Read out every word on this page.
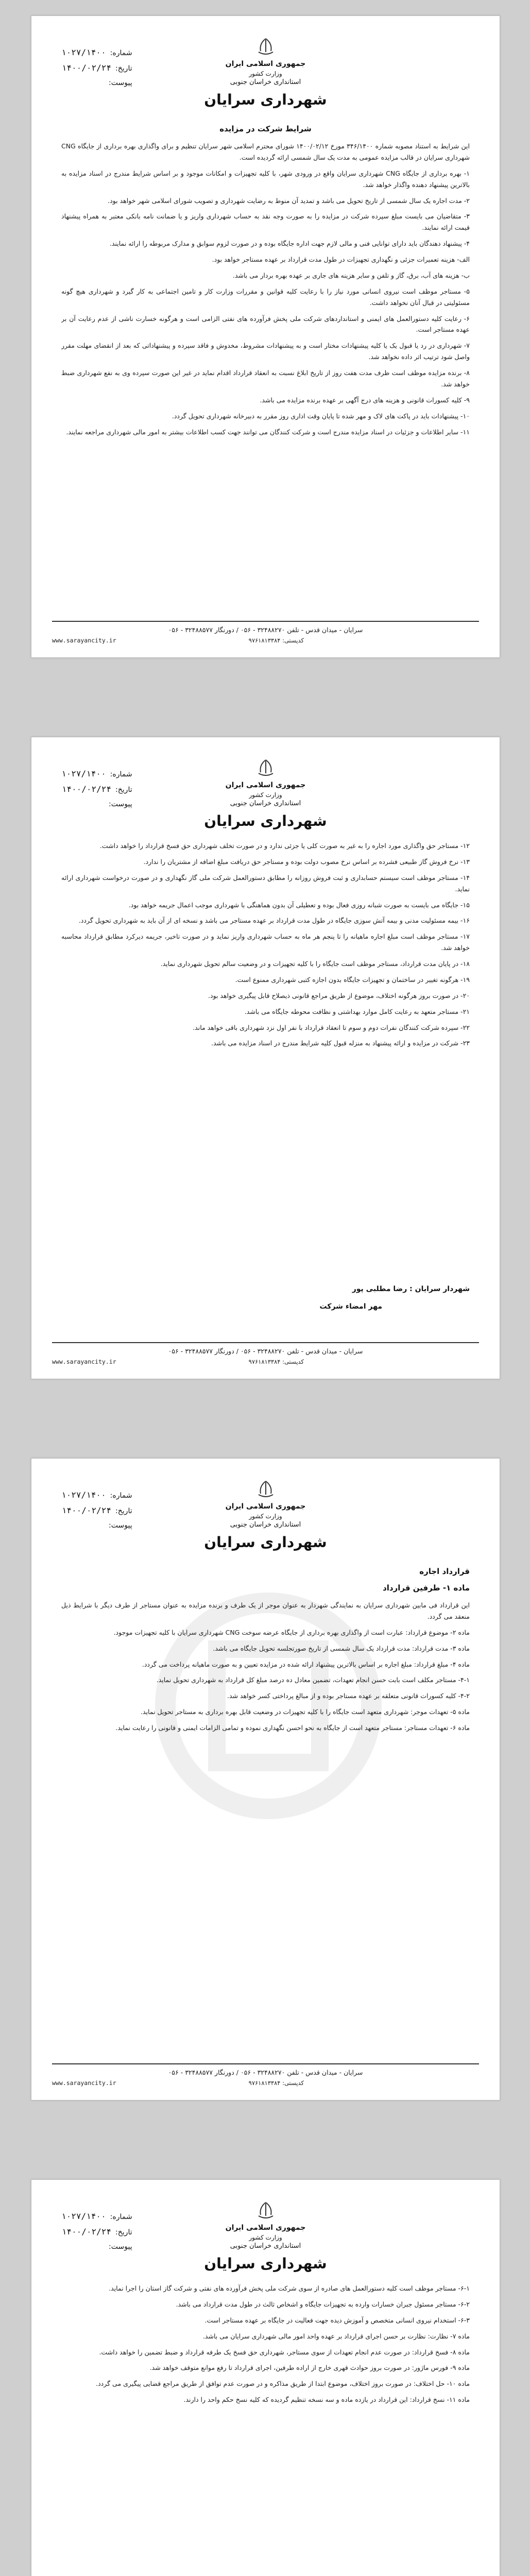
شماره:۱۰۲۷/۱۴۰۰
تاریخ:۱۴۰۰/۰۲/۲۴
پیوست:
جمهوری اسلامی ایران
وزارت کشور
استانداری خراسان جنوبی
شهرداری سرایان
شرایط شرکت در مزایده

این شرایط به استناد مصوبه شماره ۳۴۶/۱۴۰۰ مورخ ۱۴۰۰/۰۲/۱۲ شورای محترم اسلامی شهر سرایان تنظیم و برای واگذاری بهره برداری از جایگاه CNG شهرداری سرایان در قالب مزایده عمومی به مدت یک سال شمسی ارائه گردیده است.

۱- بهره برداری از جایگاه CNG شهرداری سرایان واقع در ورودی شهر، با کلیه تجهیزات و امکانات موجود و بر اساس شرایط مندرج در اسناد مزایده به بالاترین پیشنهاد دهنده واگذار خواهد شد.

۲- مدت اجاره یک سال شمسی از تاریخ تحویل می باشد و تمدید آن منوط به رضایت شهرداری و تصویب شورای اسلامی شهر خواهد بود.

۳- متقاضیان می بایست مبلغ سپرده شرکت در مزایده را به صورت وجه نقد به حساب شهرداری واریز و یا ضمانت نامه بانکی معتبر به همراه پیشنهاد قیمت ارائه نمایند.

۴- پیشنهاد دهندگان باید دارای توانایی فنی و مالی لازم جهت اداره جایگاه بوده و در صورت لزوم سوابق و مدارک مربوطه را ارائه نمایند.

الف- هزینه تعمیرات جزئی و نگهداری تجهیزات در طول مدت قرارداد بر عهده مستاجر خواهد بود.

ب- هزینه های آب، برق، گاز و تلفن و سایر هزینه های جاری بر عهده بهره بردار می باشد.

۵- مستاجر موظف است نیروی انسانی مورد نیاز را با رعایت کلیه قوانین و مقررات وزارت کار و تامین اجتماعی به کار گیرد و شهرداری هیچ گونه مسئولیتی در قبال آنان نخواهد داشت.

۶- رعایت کلیه دستورالعمل های ایمنی و استانداردهای شرکت ملی پخش فرآورده های نفتی الزامی است و هرگونه خسارت ناشی از عدم رعایت آن بر عهده مستاجر است.

۷- شهرداری در رد یا قبول یک یا کلیه پیشنهادات مختار است و به پیشنهادات مشروط، مخدوش و فاقد سپرده و پیشنهاداتی که بعد از انقضای مهلت مقرر واصل شود ترتیب اثر داده نخواهد شد.

۸- برنده مزایده موظف است ظرف مدت هفت روز از تاریخ ابلاغ نسبت به انعقاد قرارداد اقدام نماید در غیر این صورت سپرده وی به نفع شهرداری ضبط خواهد شد.

۹- کلیه کسورات قانونی و هزینه های درج آگهی بر عهده برنده مزایده می باشد.

۱۰- پیشنهادات باید در پاکت های لاک و مهر شده تا پایان وقت اداری روز مقرر به دبیرخانه شهرداری تحویل گردد.

۱۱- سایر اطلاعات و جزئیات در اسناد مزایده مندرج است و شرکت کنندگان می توانند جهت کسب اطلاعات بیشتر به امور مالی شهرداری مراجعه نمایند.

سرایان - میدان قدس - تلفن ۳۲۴۸۸۲۷۰ - ۰۵۶ / دورنگار ۳۲۴۸۸۵۷۷ - ۰۵۶
www.sarayancity.ir	کدپستی: ۹۷۶۱۸۱۳۳۸۴
شماره:۱۰۲۷/۱۴۰۰
تاریخ:۱۴۰۰/۰۲/۲۴
پیوست:
جمهوری اسلامی ایران
وزارت کشور
استانداری خراسان جنوبی
شهرداری سرایان

۱۲- مستاجر حق واگذاری مورد اجاره را به غیر به صورت کلی یا جزئی ندارد و در صورت تخلف شهرداری حق فسخ قرارداد را خواهد داشت.

۱۳- نرخ فروش گاز طبیعی فشرده بر اساس نرخ مصوب دولت بوده و مستاجر حق دریافت مبلغ اضافه از مشتریان را ندارد.

۱۴- مستاجر موظف است سیستم حسابداری و ثبت فروش روزانه را مطابق دستورالعمل شرکت ملی گاز نگهداری و در صورت درخواست شهرداری ارائه نماید.

۱۵- جایگاه می بایست به صورت شبانه روزی فعال بوده و تعطیلی آن بدون هماهنگی با شهرداری موجب اعمال جریمه خواهد بود.

۱۶- بیمه مسئولیت مدنی و بیمه آتش سوزی جایگاه در طول مدت قرارداد بر عهده مستاجر می باشد و نسخه ای از آن باید به شهرداری تحویل گردد.

۱۷- مستاجر موظف است مبلغ اجاره ماهیانه را تا پنجم هر ماه به حساب شهرداری واریز نماید و در صورت تاخیر، جریمه دیرکرد مطابق قرارداد محاسبه خواهد شد.

۱۸- در پایان مدت قرارداد، مستاجر موظف است جایگاه را با کلیه تجهیزات و در وضعیت سالم تحویل شهرداری نماید.

۱۹- هرگونه تغییر در ساختمان و تجهیزات جایگاه بدون اجازه کتبی شهرداری ممنوع است.

۲۰- در صورت بروز هرگونه اختلاف، موضوع از طریق مراجع قانونی ذیصلاح قابل پیگیری خواهد بود.

۲۱- مستاجر متعهد به رعایت کامل موارد بهداشتی و نظافت محوطه جایگاه می باشد.

۲۲- سپرده شرکت کنندگان نفرات دوم و سوم تا انعقاد قرارداد با نفر اول نزد شهرداری باقی خواهد ماند.

۲۳- شرکت در مزایده و ارائه پیشنهاد به منزله قبول کلیه شرایط مندرج در اسناد مزایده می باشد.

شهردار سرایان : رضا مطلبی پور
مهر امضاء شرکت
سرایان - میدان قدس - تلفن ۳۲۴۸۸۲۷۰ - ۰۵۶ / دورنگار ۳۲۴۸۸۵۷۷ - ۰۵۶
www.sarayancity.ir	کدپستی: ۹۷۶۱۸۱۳۳۸۴
شماره:۱۰۲۷/۱۴۰۰
تاریخ:۱۴۰۰/۰۲/۲۴
پیوست:
جمهوری اسلامی ایران
وزارت کشور
استانداری خراسان جنوبی
شهرداری سرایان
قرارداد اجاره
ماده ۱- طرفین قرارداد

این قرارداد فی مابین شهرداری سرایان به نمایندگی شهردار به عنوان موجر از یک طرف و برنده مزایده به عنوان مستاجر از طرف دیگر با شرایط ذیل منعقد می گردد.

ماده ۲- موضوع قرارداد: عبارت است از واگذاری بهره برداری از جایگاه عرضه سوخت CNG شهرداری سرایان با کلیه تجهیزات موجود.

ماده ۳- مدت قرارداد: مدت قرارداد یک سال شمسی از تاریخ صورتجلسه تحویل جایگاه می باشد.

ماده ۴- مبلغ قرارداد: مبلغ اجاره بر اساس بالاترین پیشنهاد ارائه شده در مزایده تعیین و به صورت ماهیانه پرداخت می گردد.

۴-۱- مستاجر مکلف است بابت حسن انجام تعهدات، تضمین معادل ده درصد مبلغ کل قرارداد به شهرداری تحویل نماید.

۴-۲- کلیه کسورات قانونی متعلقه بر عهده مستاجر بوده و از مبالغ پرداختی کسر خواهد شد.

ماده ۵- تعهدات موجر: شهرداری متعهد است جایگاه را با کلیه تجهیزات در وضعیت قابل بهره برداری به مستاجر تحویل نماید.

ماده ۶- تعهدات مستاجر: مستاجر متعهد است از جایگاه به نحو احسن نگهداری نموده و تمامی الزامات ایمنی و قانونی را رعایت نماید.

سرایان - میدان قدس - تلفن ۳۲۴۸۸۲۷۰ - ۰۵۶ / دورنگار ۳۲۴۸۸۵۷۷ - ۰۵۶
www.sarayancity.ir	کدپستی: ۹۷۶۱۸۱۳۳۸۴
شماره:۱۰۲۷/۱۴۰۰
تاریخ:۱۴۰۰/۰۲/۲۴
پیوست:
جمهوری اسلامی ایران
وزارت کشور
استانداری خراسان جنوبی
شهرداری سرایان

۶-۱- مستاجر موظف است کلیه دستورالعمل های صادره از سوی شرکت ملی پخش فرآورده های نفتی و شرکت گاز استان را اجرا نماید.

۶-۲- مستاجر مسئول جبران خسارات وارده به تجهیزات جایگاه و اشخاص ثالث در طول مدت قرارداد می باشد.

۶-۳- استخدام نیروی انسانی متخصص و آموزش دیده جهت فعالیت در جایگاه بر عهده مستاجر است.

ماده ۷- نظارت: نظارت بر حسن اجرای قرارداد بر عهده واحد امور مالی شهرداری سرایان می باشد.

ماده ۸- فسخ قرارداد: در صورت عدم انجام تعهدات از سوی مستاجر، شهرداری حق فسخ یک طرفه قرارداد و ضبط تضمین را خواهد داشت.

ماده ۹- فورس ماژور: در صورت بروز حوادث قهری خارج از اراده طرفین، اجرای قرارداد تا رفع موانع متوقف خواهد شد.

ماده ۱۰- حل اختلاف: در صورت بروز اختلاف، موضوع ابتدا از طریق مذاکره و در صورت عدم توافق از طریق مراجع قضایی پیگیری می گردد.

ماده ۱۱- نسخ قرارداد: این قرارداد در یازده ماده و سه نسخه تنظیم گردیده که کلیه نسخ حکم واحد را دارند.
